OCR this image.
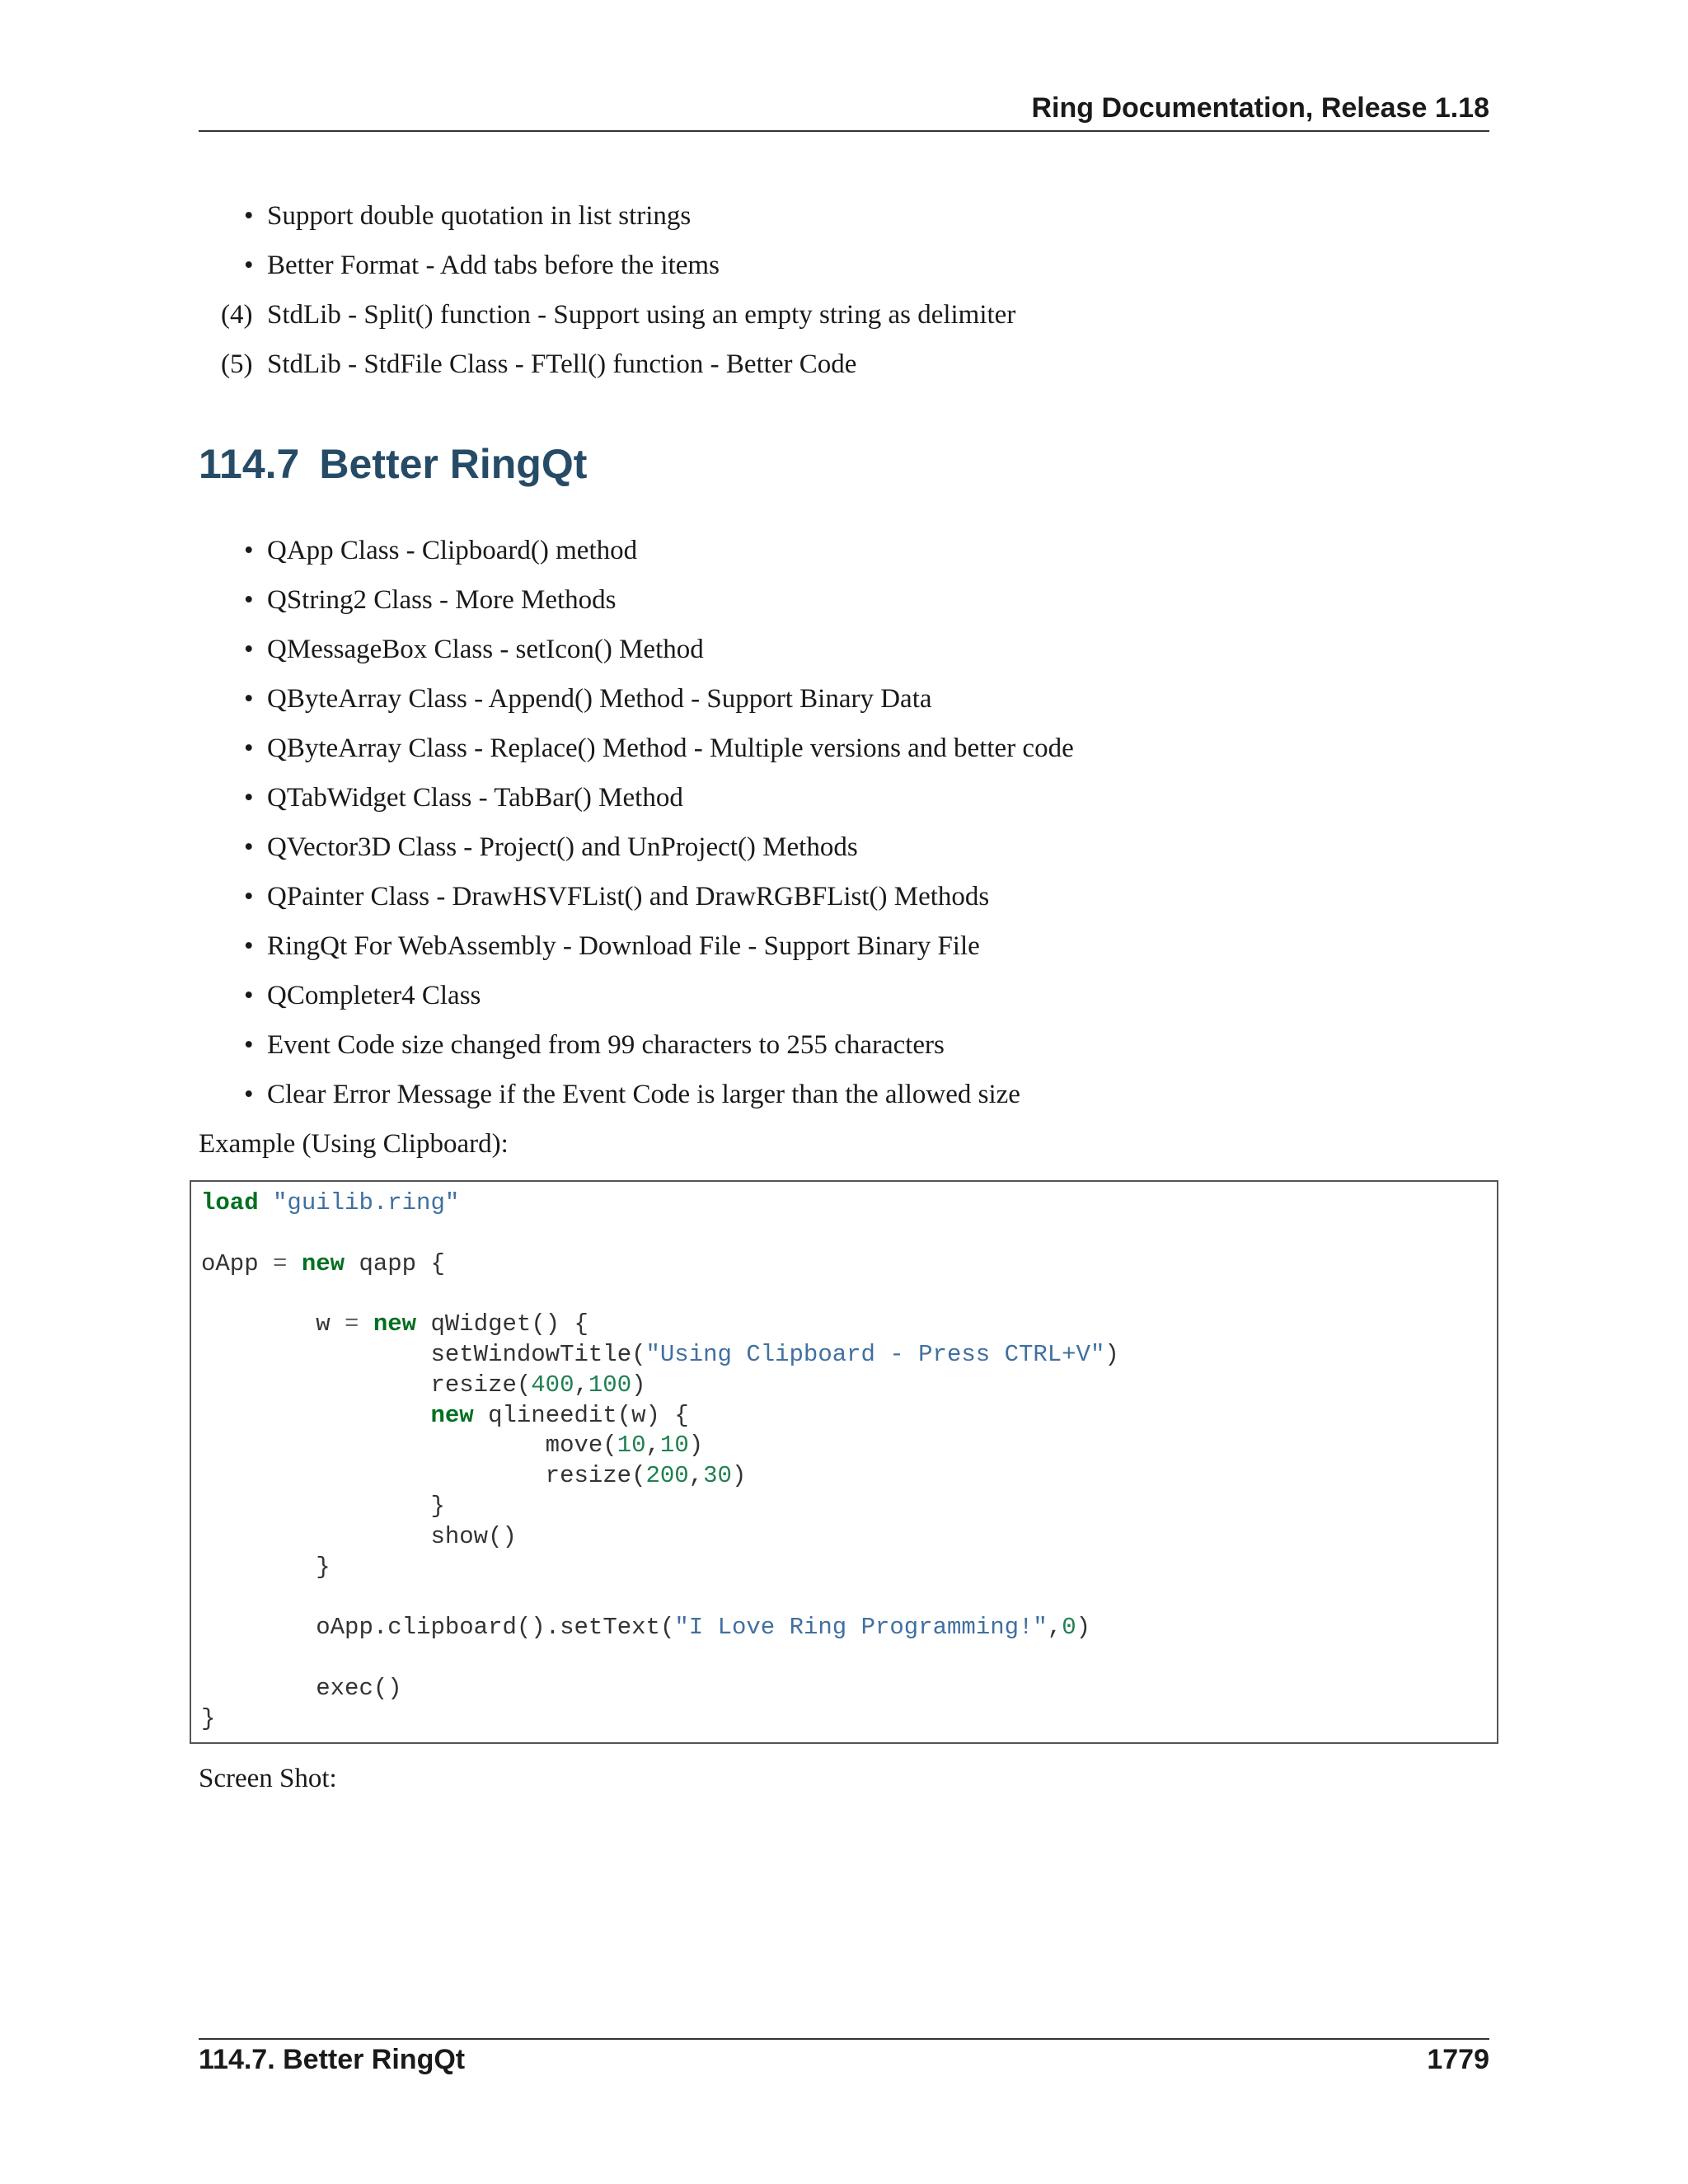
Ring Documentation, Release 1.18
• Support double quotation in list strings
• Better Format - Add tabs before the items
(4) StdLib - Split() function - Support using an empty string as delimiter
(5) StdLib - StdFile Class - FTell() function - Better Code
114.7 Better RingQt
• QApp Class - Clipboard() method
• QString2 Class - More Methods
• QMessageBox Class - setIcon() Method
• QByteArray Class - Append() Method - Support Binary Data
• QByteArray Class - Replace() Method - Multiple versions and better code
• QTabWidget Class - TabBar() Method
• QVector3D Class - Project() and UnProject() Methods
• QPainter Class - DrawHSVFList() and DrawRGBFList() Methods
• RingQt For WebAssembly - Download File - Support Binary File
• QCompleter4 Class
• Event Code size changed from 99 characters to 255 characters
• Clear Error Message if the Event Code is larger than the allowed size

Example (Using Clipboard):

load "guilib.ring"

oApp = new qapp {

w = new qWidget() {
setWindowTitle("Using Clipboard - Press CTRL+V")
resize(400,100)
new qlineedit(w) {
move(10,10)
resize(200,30)
}
show()
}

oApp.clipboard().setText("I Love Ring Programming!",0)

exec()
}

Screen Shot:

114.7. Better RingQt	1779
